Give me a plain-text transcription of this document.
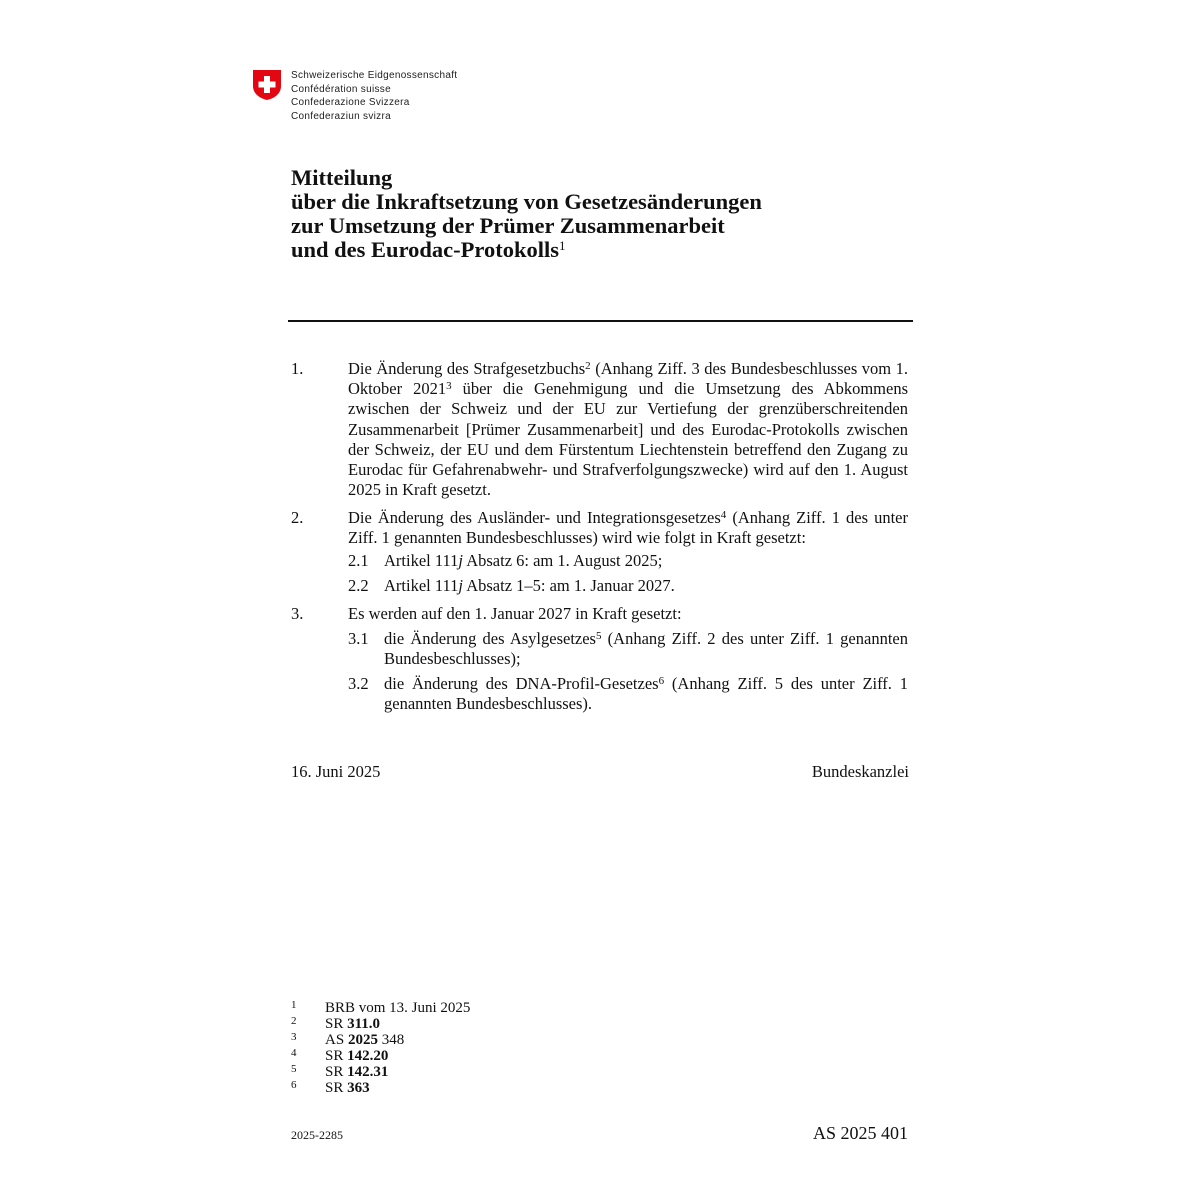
Schweizerische Eidgenossenschaft
Confédération suisse
Confederazione Svizzera
Confederaziun svizra
Mitteilung
über die Inkraftsetzung von Gesetzesänderungen
zur Umsetzung der Prümer Zusammenarbeit
und des Eurodac-Protokolls$^1$
1.	Die Änderung des Strafgesetzbuchs$^2$ (Anhang Ziff. 3 des Bundesbeschlusses vom 1. Oktober 2021$^3$ über die Genehmigung und die Umsetzung des Abkommens zwischen der Schweiz und der EU zur Vertiefung der grenzüberschreitenden Zusammenarbeit [Prümer Zusammenarbeit] und des Eurodac-Protokolls zwischen der Schweiz, der EU und dem Fürstentum Liechtenstein betreffend den Zugang zu Eurodac für Gefahrenabwehr- und Strafverfolgungszwecke) wird auf den 1. August 2025 in Kraft gesetzt.
2.	Die Änderung des Ausländer- und Integrationsgesetzes$^4$ (Anhang Ziff. 1 des unter Ziff. 1 genannten Bundesbeschlusses) wird wie folgt in Kraft gesetzt:
2.1 Artikel 111j Absatz 6: am 1. August 2025;
2.2 Artikel 111j Absatz 1–5: am 1. Januar 2027.
3.	Es werden auf den 1. Januar 2027 in Kraft gesetzt:
3.1 die Änderung des Asylgesetzes$^5$ (Anhang Ziff. 2 des unter Ziff. 1 genannten Bundesbeschlusses);
3.2 die Änderung des DNA-Profil-Gesetzes$^6$ (Anhang Ziff. 5 des unter Ziff. 1 genannten Bundesbeschlusses).
16. Juni 2025	Bundeskanzlei
1 BRB vom 13. Juni 2025
2 SR 311.0
3 AS 2025 348
4 SR 142.20
5 SR 142.31
6 SR 363
2025-2285	AS 2025 401
